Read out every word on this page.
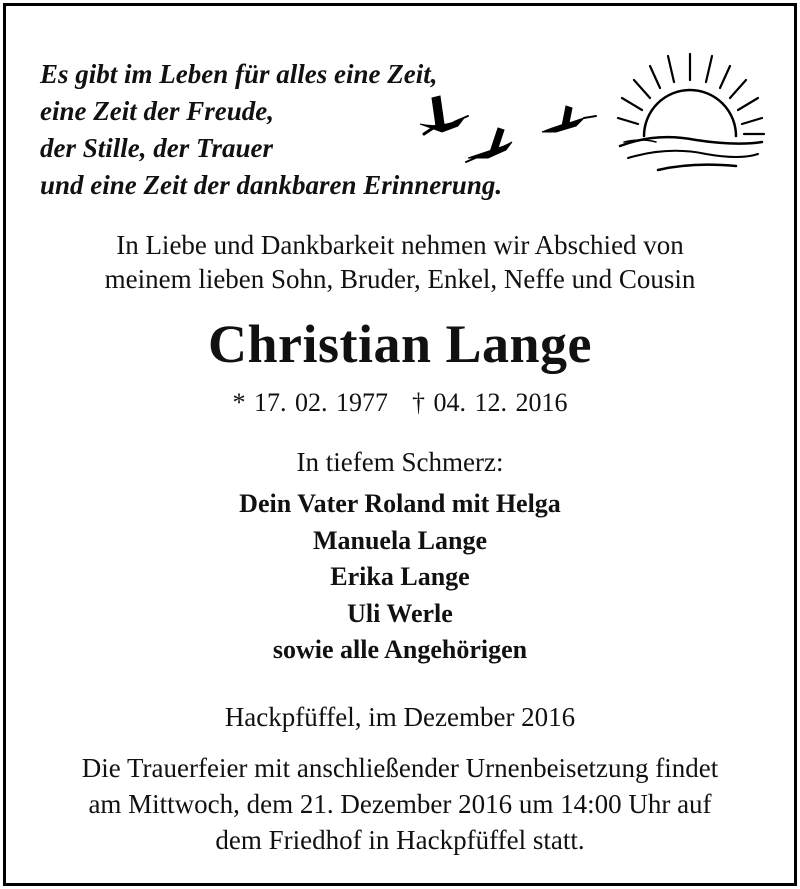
Es gibt im Leben für alles eine Zeit,
eine Zeit der Freude,
der Stille, der Trauer
und eine Zeit der dankbaren Erinnerung.
In Liebe und Dankbarkeit nehmen wir Abschied von
meinem lieben Sohn, Bruder, Enkel, Neffe und Cousin
Christian Lange
* 17. 02. 1977 † 04. 12. 2016
In tiefem Schmerz:
Dein Vater Roland mit Helga
Manuela Lange
Erika Lange
Uli Werle
sowie alle Angehörigen
Hackpfüffel, im Dezember 2016
Die Trauerfeier mit anschließender Urnenbeisetzung findet
am Mittwoch, dem 21. Dezember 2016 um 14:00 Uhr auf
dem Friedhof in Hackpfüffel statt.
